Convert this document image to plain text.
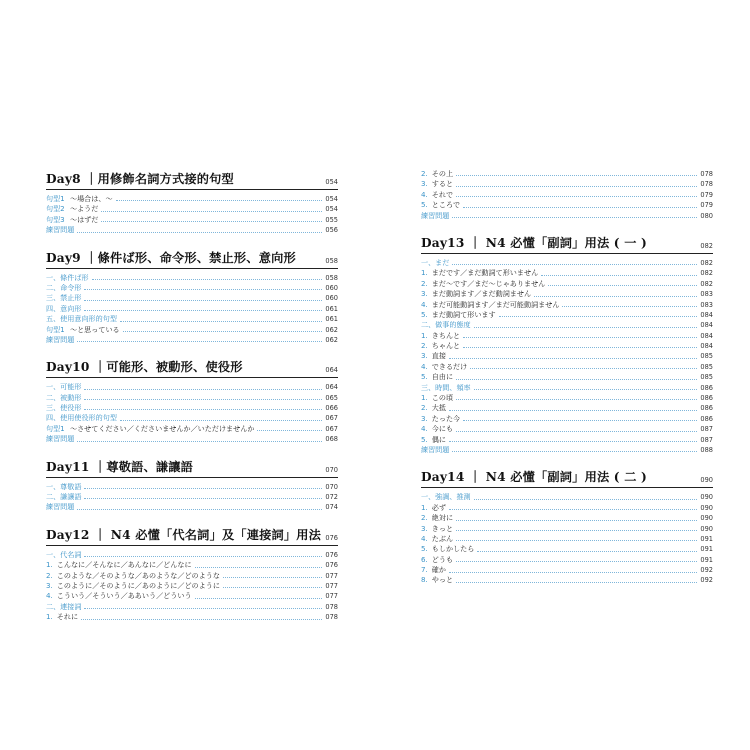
Day8 ｜用修飾名詞方式接的句型	054
句型1 ～場合は、～	054
句型2 ～ようだ	054
句型3 ～はずだ	055
練習問題	056
Day9 ｜條件ば形、命令形、禁止形、意向形	058
一、條件ば形	058
二、命令形	060
三、禁止形	060
四、意向形	061
五、使用意向形的句型	061
句型1 ～と思っている	062
練習問題	062
Day10 ｜可能形、被動形、使役形	064
一、可能形	064
二、被動形	065
三、使役形	066
四、使用使役形的句型	067
句型1 ～させてください／くださいませんか／いただけませんか	067
練習問題	068
Day11 ｜尊敬語、謙讓語	070
一、尊敬語	070
二、謙讓語	072
練習問題	074
Day12 ｜ N4 必懂「代名詞」及「連接詞」用法 076
一、代名詞	076
1. こんなに／そんなに／あんなに／どんなに	076
2. このような／そのような／あのような／どのような	077
3. このように／そのように／あのように／どのように	077
4. こういう／そういう／ああいう／どういう	077
二、連接詞	078
1. それに	078
2. その上	078
3. すると	078
4. それで	079
5. ところで	079
練習問題	080
Day13 ｜ N4 必懂「副詞」用法 ( 一 )	082
一、まだ	082
1. まだです／まだ動詞て形いません	082
2. まだ～です／まだ～じゃありません	082
3. まだ動詞ます／まだ動詞ません	083
4. まだ可能動詞ます／まだ可能動詞ません	083
5. まだ動詞て形います	084
二、做事的態度	084
1. きちんと	084
2. ちゃんと	084
3. 直接	085
4. できるだけ	085
5. 自由に	085
三、時間、頻率	086
1. この頃	086
2. 大抵	086
3. たった今	086
4. 今にも	087
5. 偶に	087
練習問題	088
Day14 ｜ N4 必懂「副詞」用法 ( 二 )	090
一、強調、推測	090
1. 必ず	090
2. 絶対に	090
3. きっと	090
4. たぶん	091
5. もしかしたら	091
6. どうも	091
7. 確か	092
8. やっと	092
